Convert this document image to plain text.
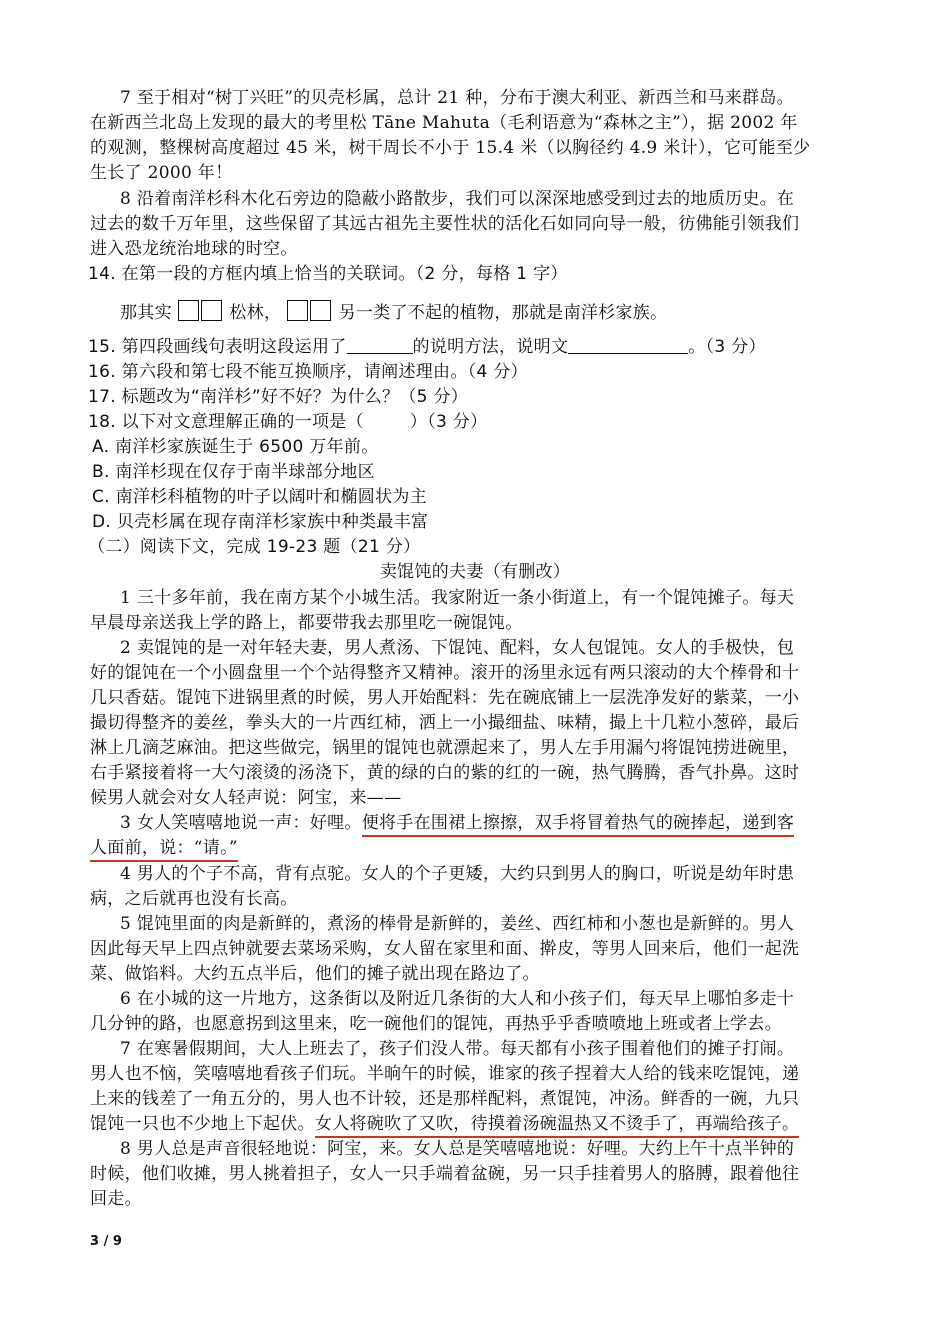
7 至于相对“树丁兴旺”的贝壳杉属，总计 21 种，分布于澳大利亚、新西兰和马来群岛。
在新西兰北岛上发现的最大的考里松 Tāne Mahuta（毛利语意为“森林之主”），据 2002 年
的观测，整棵树高度超过 45 米，树干周长不小于 15.4 米（以胸径约 4.9 米计），它可能至少
生长了 2000 年！
8 沿着南洋杉科木化石旁边的隐蔽小路散步，我们可以深深地感受到过去的地质历史。在
过去的数千万年里，这些保留了其远古祖先主要性状的活化石如同向导一般，彷佛能引领我们
进入恐龙统治地球的时空。
14. 在第一段的方框内填上恰当的关联词。（2 分，每格 1 字）
那其实	松林，	另一类了不起的植物，那就是南洋杉家族。
15. 第四段画线句表明这段运用了	的说明方法，说明文	。（3 分）
16. 第六段和第七段不能互换顺序，请阐述理由。（4 分）
17. 标题改为“南洋杉”好不好？为什么？（5 分）
18. 以下对文意理解正确的一项是（	）（3 分）
A. 南洋杉家族诞生于 6500 万年前。
B. 南洋杉现在仅存于南半球部分地区
C. 南洋杉科植物的叶子以阔叶和椭圆状为主
D. 贝壳杉属在现存南洋杉家族中种类最丰富
（二）阅读下文，完成 19-23 题（21 分）
卖馄饨的夫妻（有删改）
1 三十多年前，我在南方某个小城生活。我家附近一条小街道上，有一个馄饨摊子。每天
早晨母亲送我上学的路上，都要带我去那里吃一碗馄饨。
2 卖馄饨的是一对年轻夫妻，男人煮汤、下馄饨、配料，女人包馄饨。女人的手极快，包
好的馄饨在一个小圆盘里一个个站得整齐又精神。滚开的汤里永远有两只滚动的大个棒骨和十
几只香菇。馄饨下进锅里煮的时候，男人开始配料：先在碗底铺上一层洗净发好的紫菜，一小
撮切得整齐的姜丝，拳头大的一片西红柿，洒上一小撮细盐、味精，撮上十几粒小葱碎，最后
淋上几滴芝麻油。把这些做完，锅里的馄饨也就漂起来了，男人左手用漏勺将馄饨捞进碗里，
右手紧接着将一大勺滚烫的汤浇下，黄的绿的白的紫的红的一碗，热气腾腾，香气扑鼻。这时
候男人就会对女人轻声说：阿宝，来——
3 女人笑嘻嘻地说一声：好哩。便将手在围裙上擦擦，双手将冒着热气的碗捧起，递到客
人面前，说：“请。”
4 男人的个子不高，背有点驼。女人的个子更矮，大约只到男人的胸口，听说是幼年时患
病，之后就再也没有长高。
5 馄饨里面的肉是新鲜的，煮汤的棒骨是新鲜的，姜丝、西红柿和小葱也是新鲜的。男人
因此每天早上四点钟就要去菜场采购，女人留在家里和面、擀皮，等男人回来后，他们一起洗
菜、做馅料。大约五点半后，他们的摊子就出现在路边了。
6 在小城的这一片地方，这条街以及附近几条街的大人和小孩子们，每天早上哪怕多走十
几分钟的路，也愿意拐到这里来，吃一碗他们的馄饨，再热乎乎香喷喷地上班或者上学去。
7 在寒暑假期间，大人上班去了，孩子们没人带。每天都有小孩子围着他们的摊子打闹。
男人也不恼，笑嘻嘻地看孩子们玩。半晌午的时候，谁家的孩子捏着大人给的钱来吃馄饨，递
上来的钱差了一角五分的，男人也不计较，还是那样配料，煮馄饨，冲汤。鲜香的一碗，九只
馄饨一只也不少地上下起伏。女人将碗吹了又吹，待摸着汤碗温热又不烫手了，再端给孩子。
8 男人总是声音很轻地说：阿宝，来。女人总是笑嘻嘻地说：好哩。大约上午十点半钟的
时候，他们收摊，男人挑着担子，女人一只手端着盆碗，另一只手挂着男人的胳膊，跟着他往
回走。
3 / 9
